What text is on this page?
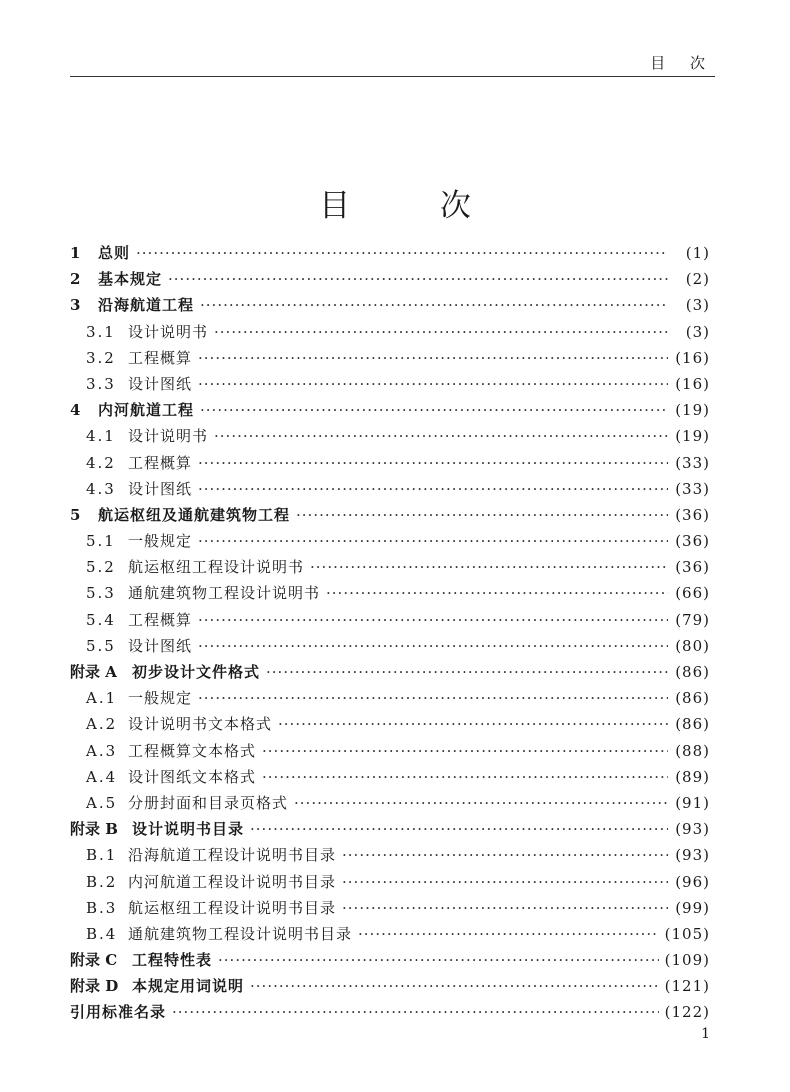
目 次
目 次
1	总则 ·····	(1)
2	基本规定 ·····	(2)
3	沿海航道工程 ·····	(3)
3.1 设计说明书 ·····	(3)
3.2 工程概算 ·····	(16)
3.3 设计图纸 ·····	(16)
4	内河航道工程 ·····	(19)
4.1 设计说明书 ·····	(19)
4.2 工程概算 ·····	(33)
4.3 设计图纸 ·····	(33)
5	航运枢纽及通航建筑物工程 ·····	(36)
5.1 一般规定 ·····	(36)
5.2 航运枢纽工程设计说明书 ·····	(36)
5.3 通航建筑物工程设计说明书 ·····	(66)
5.4 工程概算 ·····	(79)
5.5 设计图纸 ·····	(80)
附录 A	初步设计文件格式 ·····	(86)
A.1 一般规定 ·····	(86)
A.2 设计说明书文本格式 ·····	(86)
A.3 工程概算文本格式 ·····	(88)
A.4 设计图纸文本格式 ·····	(89)
A.5 分册封面和目录页格式 ·····	(91)
附录 B 设计说明书目录 ·····	(93)
B.1 沿海航道工程设计说明书目录 ·····	(93)
B.2 内河航道工程设计说明书目录 ·····	(96)
B.3 航运枢纽工程设计说明书目录 ·····	(99)
B.4 通航建筑物工程设计说明书目录 ·····	(105)
附录 C 工程特性表 ·····	(109)
附录 D 本规定用词说明 ·····	(121)
引用标准名录 ·····	(122)
1
